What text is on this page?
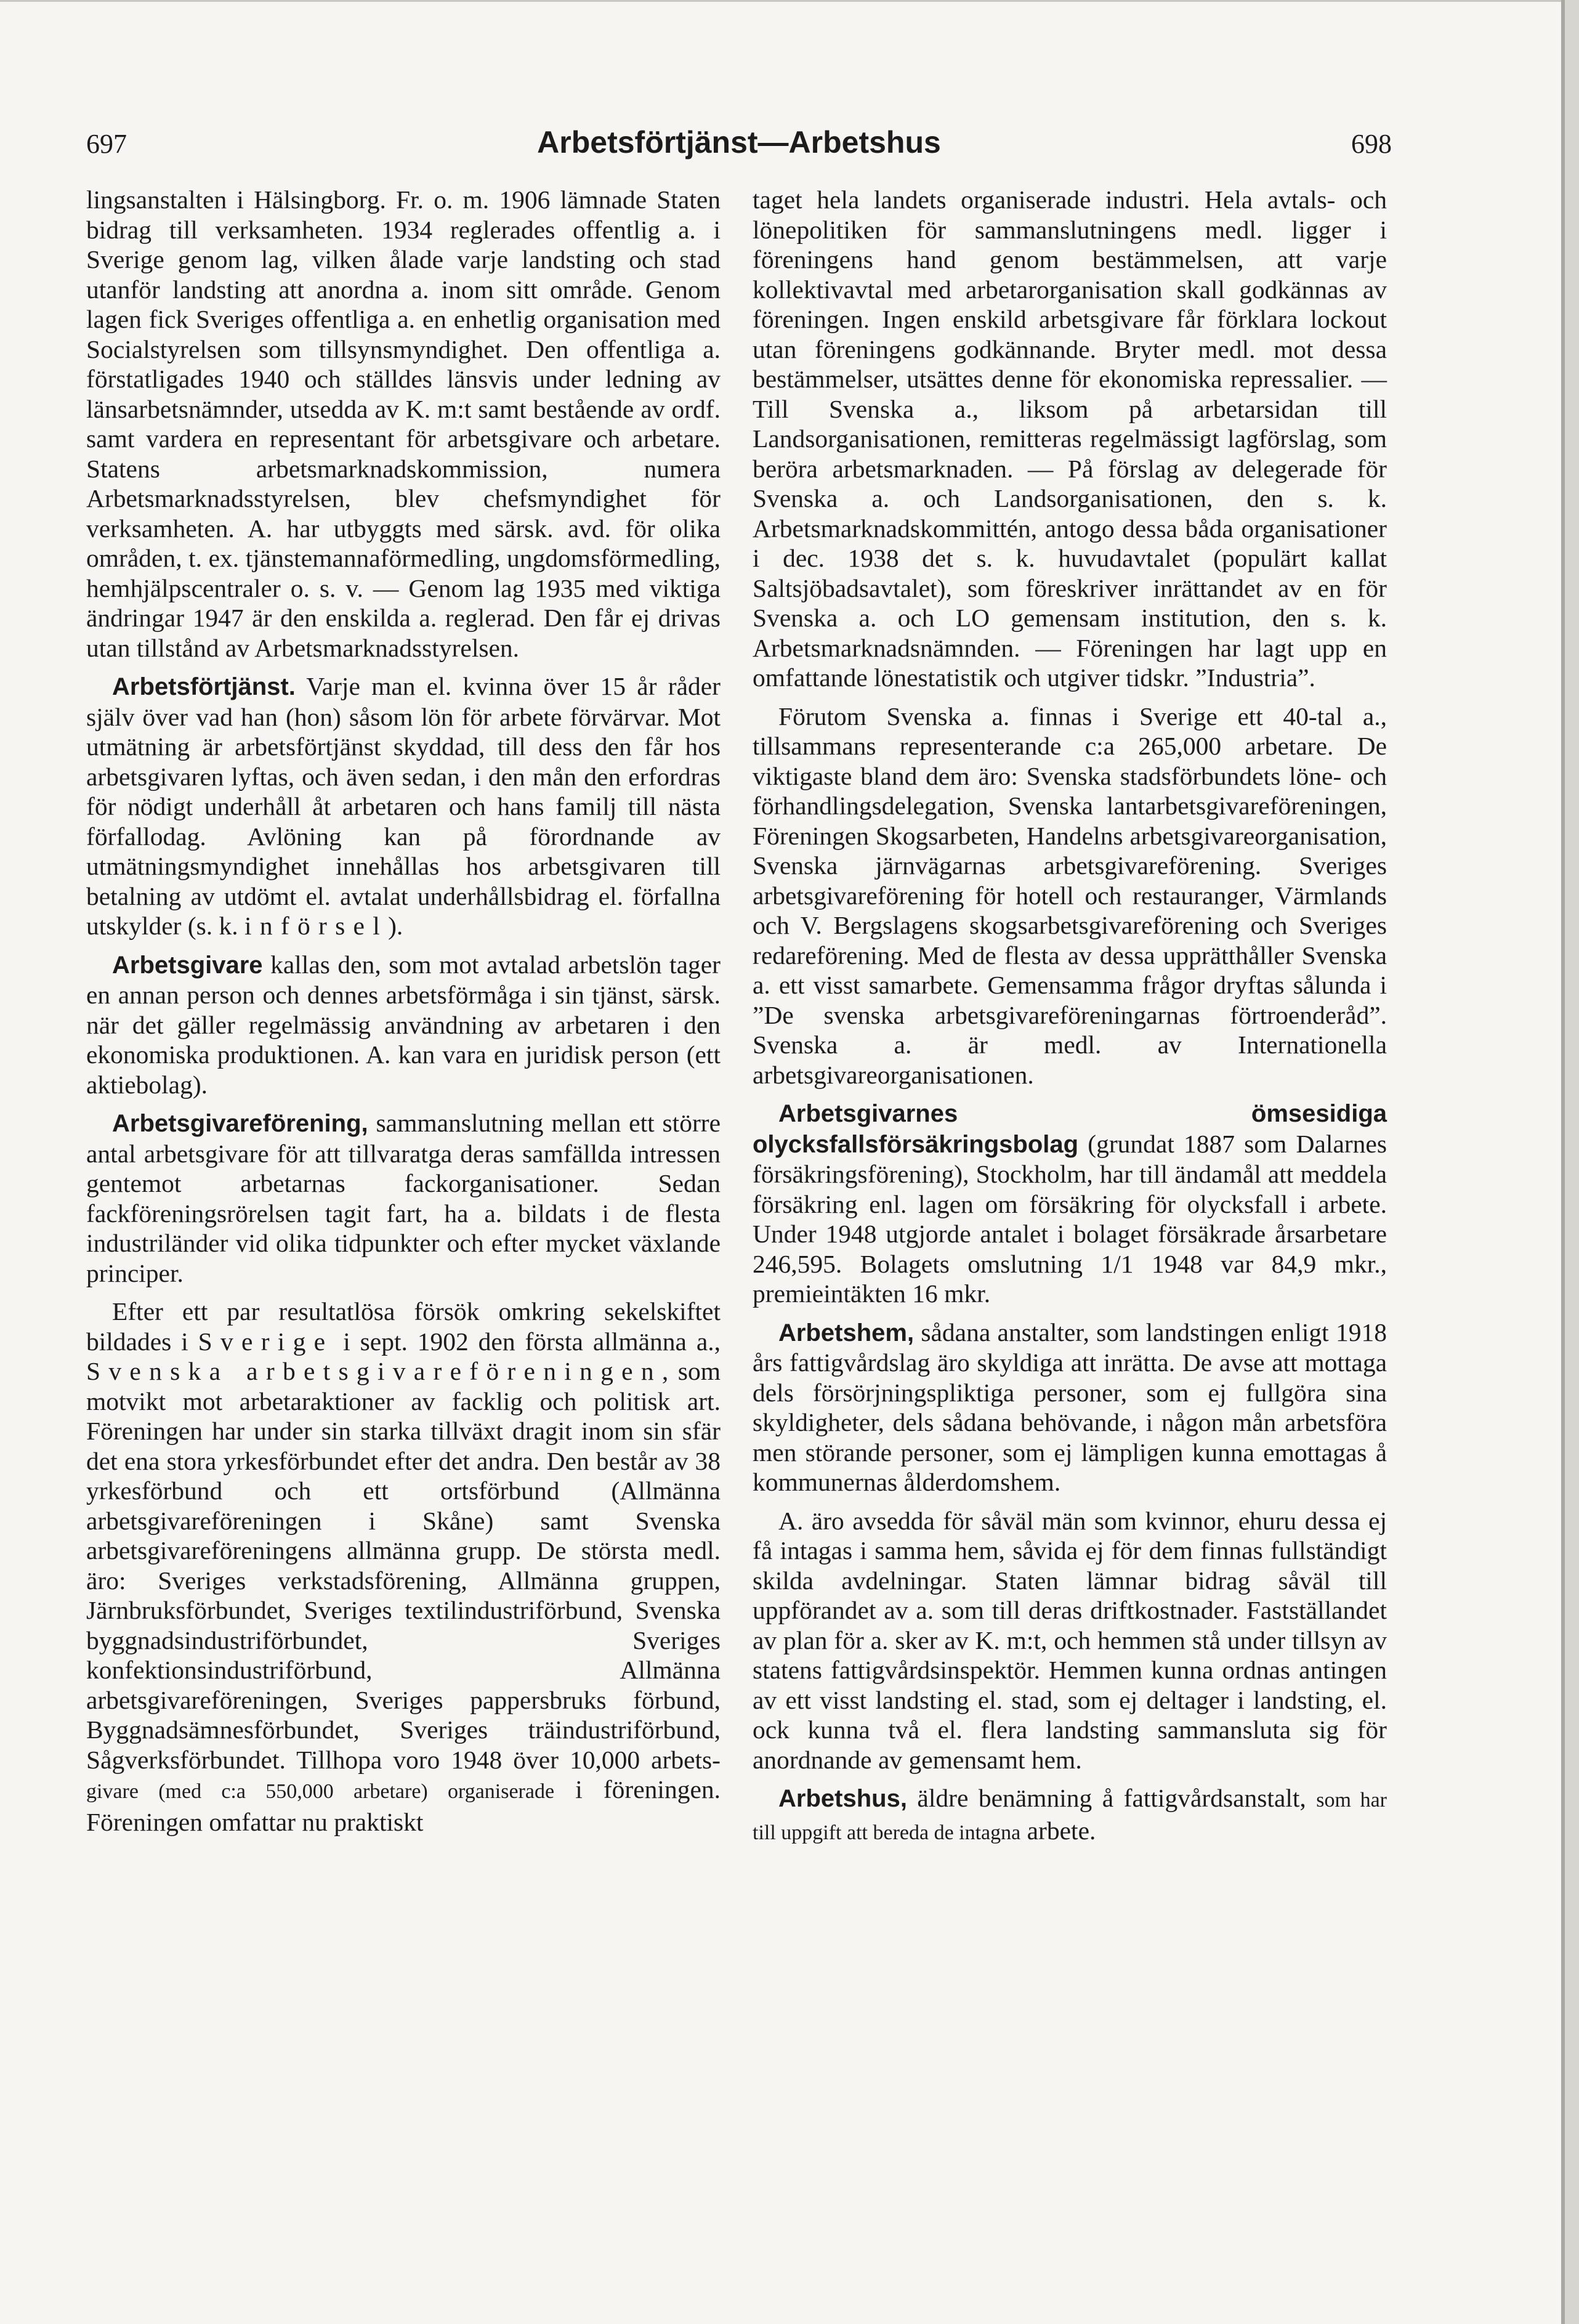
697	Arbetsförtjänst—Arbetshus	698

lingsanstalten i Hälsingborg. Fr. o. m. 1906 lämnade Staten bidrag till verksamheten. 1934 reglerades offentlig a. i Sverige genom lag, vilken ålade varje landsting och stad utanför landsting att anordna a. inom sitt område. Genom lagen fick Sveriges offentliga a. en enhetlig organisation med Socialstyrelsen som tillsynsmyndighet. Den offentliga a. förstatligades 1940 och ställdes länsvis under ledning av länsarbetsnämnder, utsedda av K. m:t samt bestående av ordf. samt vardera en representant för arbetsgivare och arbetare. Statens arbetsmarknadskommission, numera Arbetsmarknadsstyrelsen, blev chefsmyndighet för verksamheten. A. har utbyggts med särsk. avd. för olika områden, t. ex. tjänstemannaförmedling, ungdomsförmedling, hemhjälpscentraler o. s. v. — Genom lag 1935 med viktiga ändringar 1947 är den enskilda a. reglerad. Den får ej drivas utan tillstånd av Arbetsmarknadsstyrelsen.

Arbetsförtjänst. Varje man el. kvinna över 15 år råder själv över vad han (hon) såsom lön för arbete förvärvar. Mot utmätning är arbetsförtjänst skyddad, till dess den får hos arbetsgivaren lyftas, och även sedan, i den mån den erfordras för nödigt underhåll åt arbetaren och hans familj till nästa förfallodag. Avlöning kan på förordnande av utmätningsmyndighet innehållas hos arbetsgivaren till betalning av utdömt el. avtalat underhållsbidrag el. förfallna utskylder (s. k. införsel).

Arbetsgivare kallas den, som mot avtalad arbetslön tager en annan person och dennes arbetsförmåga i sin tjänst, särsk. när det gäller regelmässig användning av arbetaren i den ekonomiska produktionen. A. kan vara en juridisk person (ett aktiebolag).

Arbetsgivareförening, sammanslutning mellan ett större antal arbetsgivare för att tillvaratga deras samfällda intressen gentemot arbetarnas fackorganisationer. Sedan fackföreningsrörelsen tagit fart, ha a. bildats i de flesta industriländer vid olika tidpunkter och efter mycket växlande principer.

Efter ett par resultatlösa försök omkring sekelskiftet bildades i Sverige i sept. 1902 den första allmänna a., Svenska arbetsgivareföreningen, som motvikt mot arbetaraktioner av facklig och politisk art. Föreningen har under sin starka tillväxt dragit inom sin sfär det ena stora yrkesförbundet efter det andra. Den består av 38 yrkesförbund och ett ortsförbund (Allmänna arbetsgivareföreningen i Skåne) samt Svenska arbetsgivareföreningens allmänna grupp. De största medl. äro: Sveriges verkstadsförening, Allmänna gruppen, Järnbruksförbundet, Sveriges textilindustriförbund, Svenska byggnadsindustriförbundet, Sveriges konfektionsindustriförbund, Allmänna arbetsgivareföreningen, Sveriges pappersbruks förbund, Byggnadsämnesförbundet, Sveriges träindustriförbund, Sågverksförbundet. Tillhopa voro 1948 över 10,000 arbets- givare (med c:a 550,000 arbetare) organiserade i föreningen. Föreningen omfattar nu praktiskt

taget hela landets organiserade industri. Hela avtals- och lönepolitiken för sammanslutningens medl. ligger i föreningens hand genom bestämmelsen, att varje kollektivavtal med arbetarorganisation skall godkännas av föreningen. Ingen enskild arbetsgivare får förklara lockout utan föreningens godkännande. Bryter medl. mot dessa bestämmelser, utsättes denne för ekonomiska repressalier. — Till Svenska a., liksom på arbetarsidan till Landsorganisationen, remitteras regelmässigt lagförslag, som beröra arbetsmarknaden. — På förslag av delegerade för Svenska a. och Landsorganisationen, den s. k. Arbetsmarknadskommittén, antogo dessa båda organisationer i dec. 1938 det s. k. huvudavtalet (populärt kallat Saltsjöbadsavtalet), som föreskriver inrättandet av en för Svenska a. och LO gemensam institution, den s. k. Arbetsmarknadsnämnden. — Föreningen har lagt upp en omfattande lönestatistik och utgiver tidskr. ”Industria”.

Förutom Svenska a. finnas i Sverige ett 40-tal a., tillsammans representerande c:a 265,000 arbetare. De viktigaste bland dem äro: Svenska stadsförbundets löne- och förhandlingsdelegation, Svenska lantarbetsgivareföreningen, Föreningen Skogsarbeten, Handelns arbetsgivareorganisation, Svenska järnvägarnas arbetsgivareförening. Sveriges arbetsgivareförening för hotell och restauranger, Värmlands och V. Bergslagens skogsarbetsgivareförening och Sveriges redareförening. Med de flesta av dessa upprätthåller Svenska a. ett visst samarbete. Gemensamma frågor dryftas sålunda i ”De svenska arbetsgivareföreningarnas förtroenderåd”. Svenska a. är medl. av Internationella arbetsgivareorganisationen.

Arbetsgivarnes ömsesidiga olycksfallsförsäkringsbolag (grundat 1887 som Dalarnes försäkringsförening), Stockholm, har till ändamål att meddela försäkring enl. lagen om försäkring för olycksfall i arbete. Under 1948 utgjorde antalet i bolaget försäkrade årsarbetare 246,595. Bolagets omslutning 1/1 1948 var 84,9 mkr., premieintäkten 16 mkr.

Arbetshem, sådana anstalter, som landstingen enligt 1918 års fattigvårdslag äro skyldiga att inrätta. De avse att mottaga dels försörjningspliktiga personer, som ej fullgöra sina skyldigheter, dels sådana behövande, i någon mån arbetsföra men störande personer, som ej lämpligen kunna emottagas å kommunernas ålderdomshem.

A. äro avsedda för såväl män som kvinnor, ehuru dessa ej få intagas i samma hem, såvida ej för dem finnas fullständigt skilda avdelningar. Staten lämnar bidrag såväl till uppförandet av a. som till deras driftkostnader. Fastställandet av plan för a. sker av K. m:t, och hemmen stå under tillsyn av statens fattigvårdsinspektör. Hemmen kunna ordnas antingen av ett visst landsting el. stad, som ej deltager i landsting, el. ock kunna två el. flera landsting sammansluta sig för anordnande av gemensamt hem.

Arbetshus, äldre benämning å fattigvårdsanstalt, som har till uppgift att bereda de intagna arbete.
